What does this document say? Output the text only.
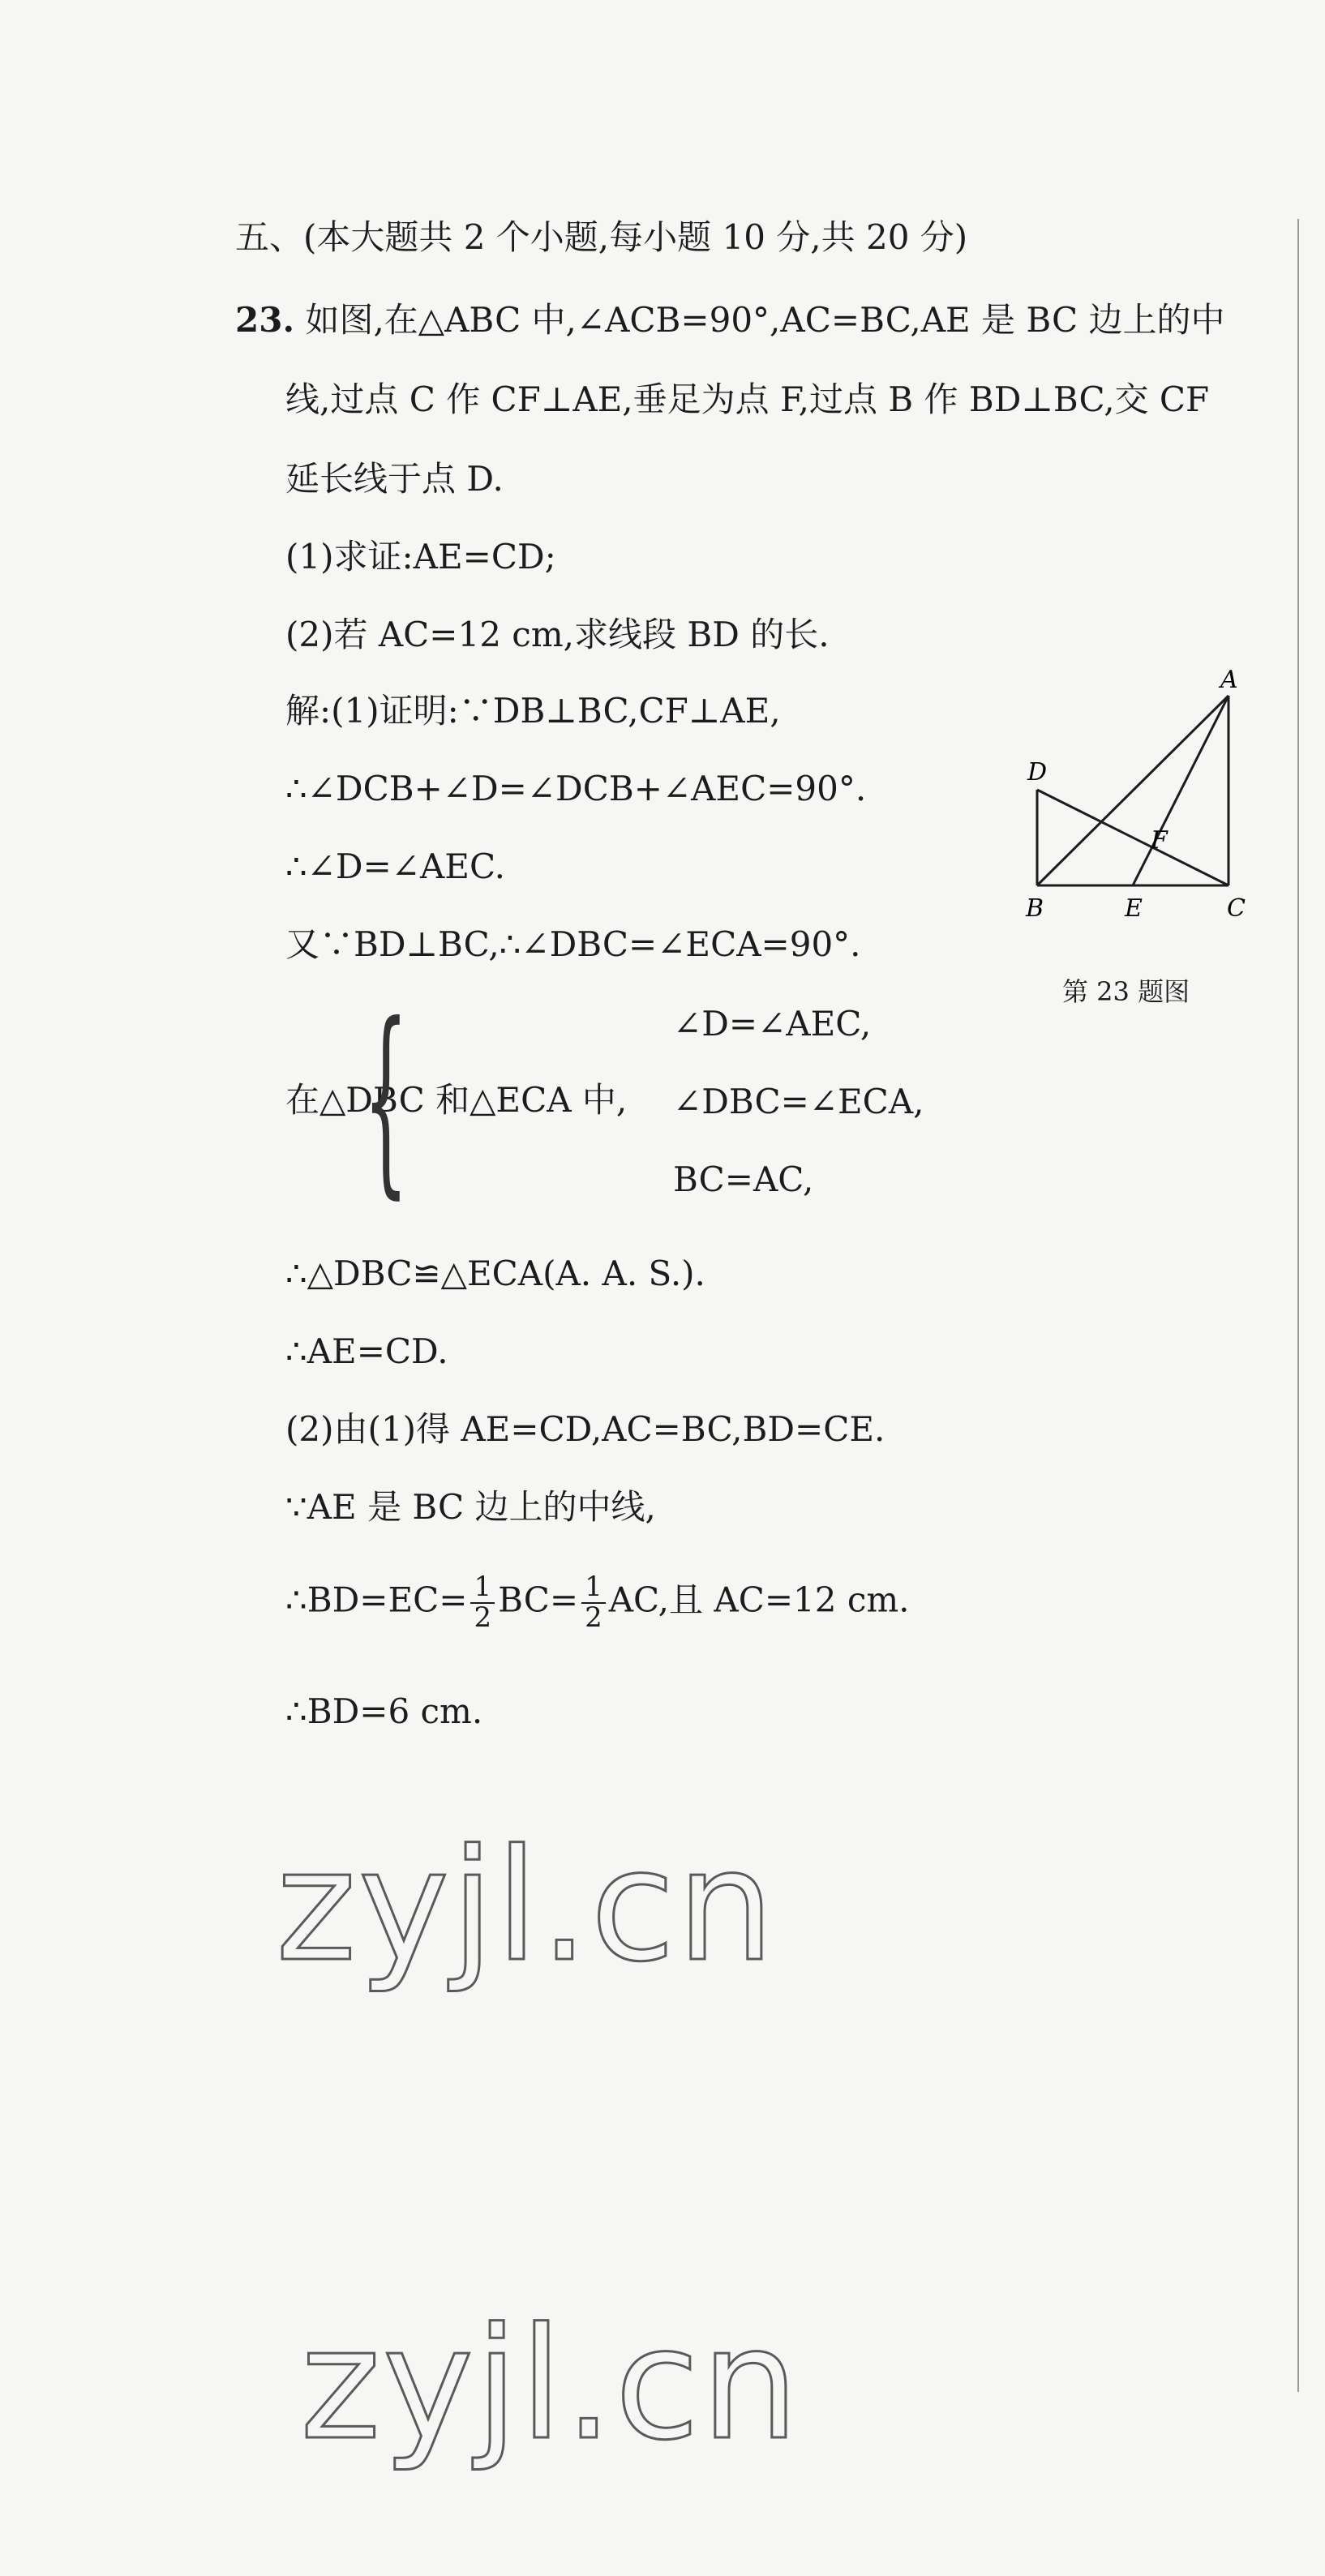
五、(本大题共 2 个小题,每小题 10 分,共 20 分)
23. 如图,在△ABC 中,∠ACB=90°,AC=BC,AE 是 BC 边上的中
线,过点 C 作 CF⊥AE,垂足为点 F,过点 B 作 BD⊥BC,交 CF
延长线于点 D.
(1)求证:AE=CD;
(2)若 AC=12 cm,求线段 BD 的长.
解:(1)证明:∵DB⊥BC,CF⊥AE,
∴∠DCB+∠D=∠DCB+∠AEC=90°.
∴∠D=∠AEC.
又∵BD⊥BC,∴∠DBC=∠ECA=90°.
在△DBC 和△ECA 中,
{	∠D=∠AEC,
∠DBC=∠ECA,
BC=AC,
∴△DBC≌△ECA(A. A. S.).
∴AE=CD.
(2)由(1)得 AE=CD,AC=BC,BD=CE.
∵AE 是 BC 边上的中线,
∴BD=EC= $\frac{1}{2} BC= \frac{1}{2}$ AC,且 AC=12 cm.
∴BD=6 cm.
A
B	C
D
E
F
第 23 题图
zyjl.cn
zyjl.cn
